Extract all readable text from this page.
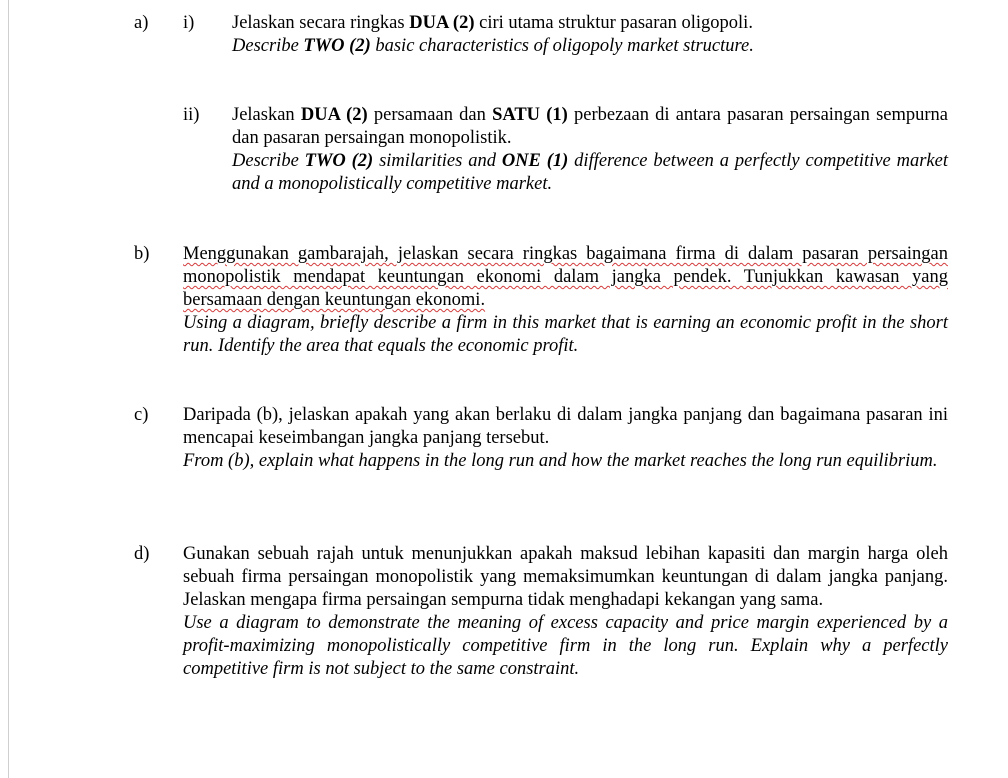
a) i) Jelaskan secara ringkas DUA (2) ciri utama struktur pasaran oligopoli.

Describe TWO (2) basic characteristics of oligopoly market structure.

ii) Jelaskan DUA (2) persamaan dan SATU (1) perbezaan di antara pasaran persaingan sempurna dan pasaran persaingan monopolistik.

Describe TWO (2) similarities and ONE (1) difference between a perfectly competitive market and a monopolistically competitive market.

b) Menggunakan gambarajah, jelaskan secara ringkas bagaimana firma di dalam pasaran persaingan monopolistik mendapat keuntungan ekonomi dalam jangka pendek. Tunjukkan kawasan yang bersamaan dengan keuntungan ekonomi.

Using a diagram, briefly describe a firm in this market that is earning an economic profit in the short run. Identify the area that equals the economic profit.

c) Daripada (b), jelaskan apakah yang akan berlaku di dalam jangka panjang dan bagaimana pasaran ini mencapai keseimbangan jangka panjang tersebut.

From (b), explain what happens in the long run and how the market reaches the long run equilibrium.

d) Gunakan sebuah rajah untuk menunjukkan apakah maksud lebihan kapasiti dan margin harga oleh sebuah firma persaingan monopolistik yang memaksimumkan keuntungan di dalam jangka panjang. Jelaskan mengapa firma persaingan sempurna tidak menghadapi kekangan yang sama.

Use a diagram to demonstrate the meaning of excess capacity and price margin experienced by a profit-maximizing monopolistically competitive firm in the long run. Explain why a perfectly competitive firm is not subject to the same constraint.
